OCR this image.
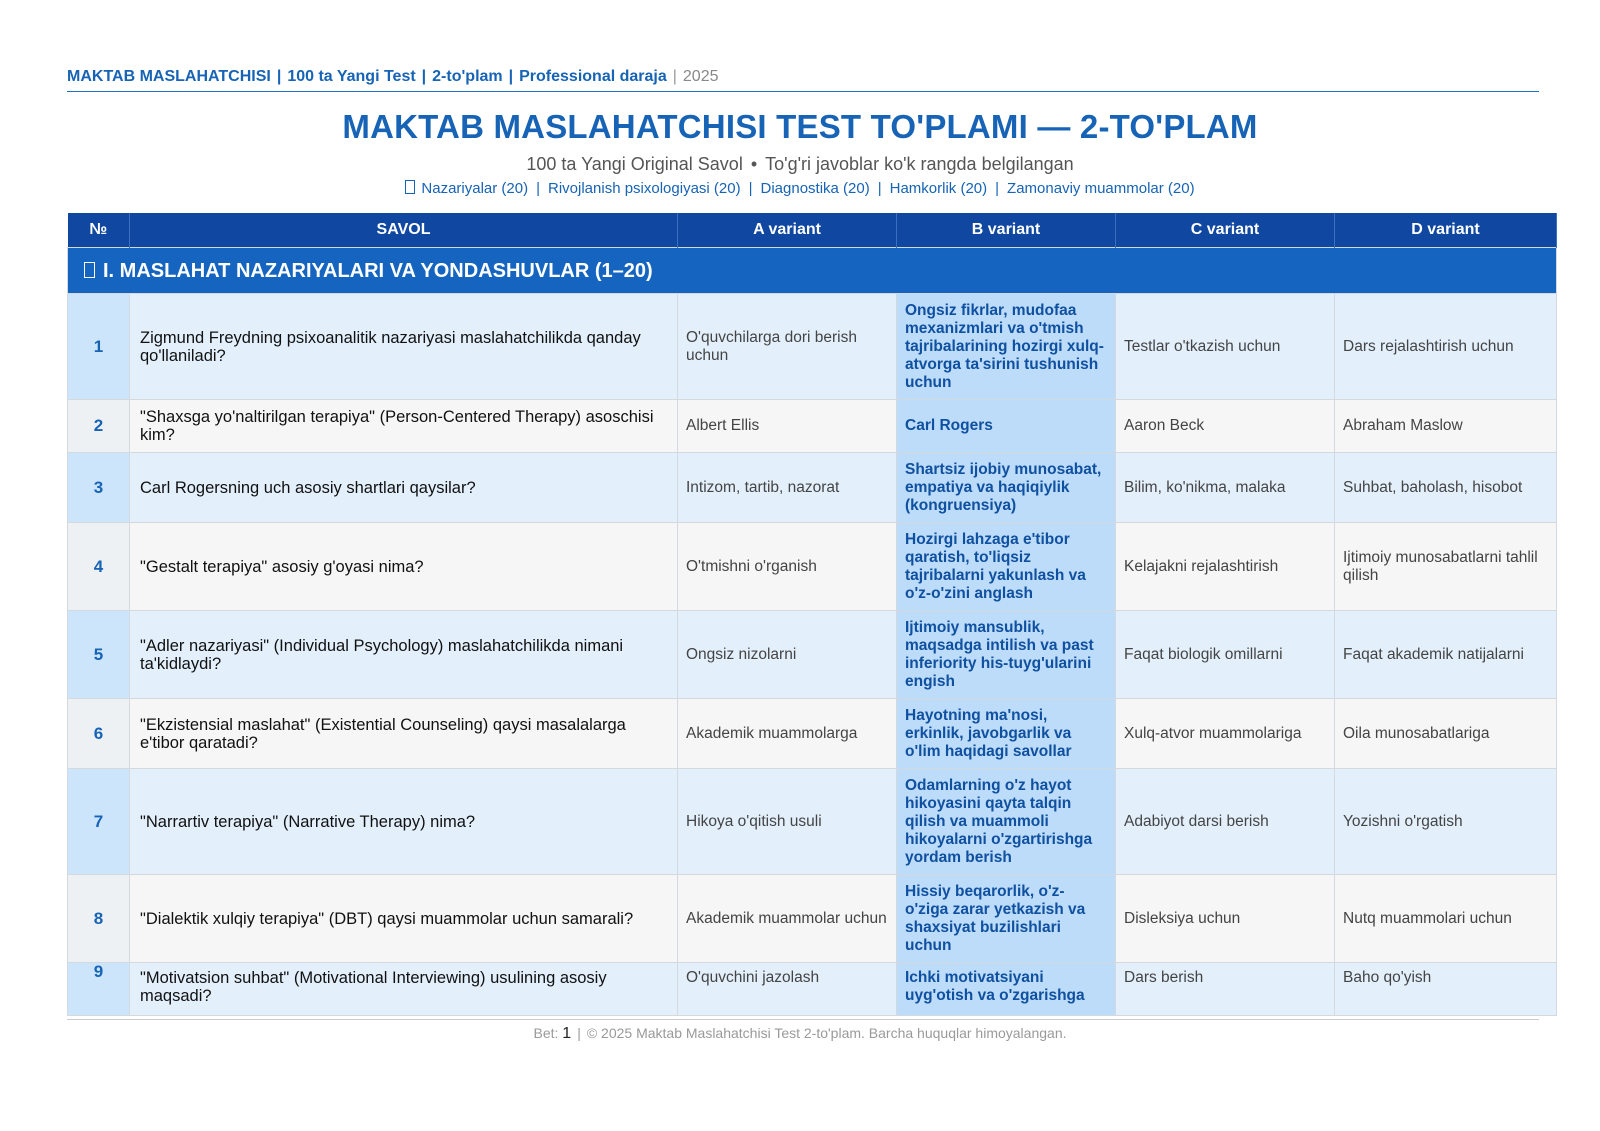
MAKTAB MASLAHATCHISI | 100 ta Yangi Test | 2-to'plam | Professional daraja | 2025
MAKTAB MASLAHATCHISI TEST TO'PLAMI — 2-TO'PLAM
100 ta Yangi Original Savol • To'g'ri javoblar ko'k rangda belgilangan
Nazariyalar (20) | Rivojlanish psixologiyasi (20) | Diagnostika (20) | Hamkorlik (20) | Zamonaviy muammolar (20)
№	SAVOL	A variant	B variant	C variant	D variant
I. MASLAHAT NAZARIYALARI VA YONDASHUVLAR (1–20)					
1	Zigmund Freydning psixoanalitik nazariyasi maslahatchilikda qanday qo'llaniladi?	O'quvchilarga dori berish uchun	Ongsiz fikrlar, mudofaa mexanizmlari va o'tmish tajribalarining hozirgi xulq-atvorga ta'sirini tushunish uchun	Testlar o'tkazish uchun	Dars rejalashtirish uchun
2	"Shaxsga yo'naltirilgan terapiya" (Person-Centered Therapy) asoschisi kim?	Albert Ellis	Carl Rogers	Aaron Beck	Abraham Maslow
3	Carl Rogersning uch asosiy shartlari qaysilar?	Intizom, tartib, nazorat	Shartsiz ijobiy munosabat, empatiya va haqiqiylik (kongruensiya)	Bilim, ko'nikma, malaka	Suhbat, baholash, hisobot
4	"Gestalt terapiya" asosiy g'oyasi nima?	O'tmishni o'rganish	Hozirgi lahzaga e'tibor qaratish, to'liqsiz tajribalarni yakunlash va o'z-o'zini anglash	Kelajakni rejalashtirish	Ijtimoiy munosabatlarni tahlil qilish
5	"Adler nazariyasi" (Individual Psychology) maslahatchilikda nimani ta'kidlaydi?	Ongsiz nizolarni	Ijtimoiy mansublik, maqsadga intilish va past inferiority his-tuyg'ularini engish	Faqat biologik omillarni	Faqat akademik natijalarni
6	"Ekzistensial maslahat" (Existential Counseling) qaysi masalalarga e'tibor qaratadi?	Akademik muammolarga	Hayotning ma'nosi, erkinlik, javobgarlik va o'lim haqidagi savollar	Xulq-atvor muammolariga	Oila munosabatlariga
7	"Narrartiv terapiya" (Narrative Therapy) nima?	Hikoya o'qitish usuli	Odamlarning o'z hayot hikoyasini qayta talqin qilish va muammoli hikoyalarni o'zgartirishga yordam berish	Adabiyot darsi berish	Yozishni o'rgatish
8	"Dialektik xulqiy terapiya" (DBT) qaysi muammolar uchun samarali?	Akademik muammolar uchun	Hissiy beqarorlik, o'z-o'ziga zarar yetkazish va shaxsiyat buzilishlari uchun	Disleksiya uchun	Nutq muammolari uchun
9	"Motivatsion suhbat" (Motivational Interviewing) usulining asosiy maqsadi?	O'quvchini jazolash	Ichki motivatsiyani uyg'otish va o'zgarishga	Dars berish	Baho qo'yish
Bet: 1 | © 2025 Maktab Maslahatchisi Test 2-to'plam. Barcha huquqlar himoyalangan.
